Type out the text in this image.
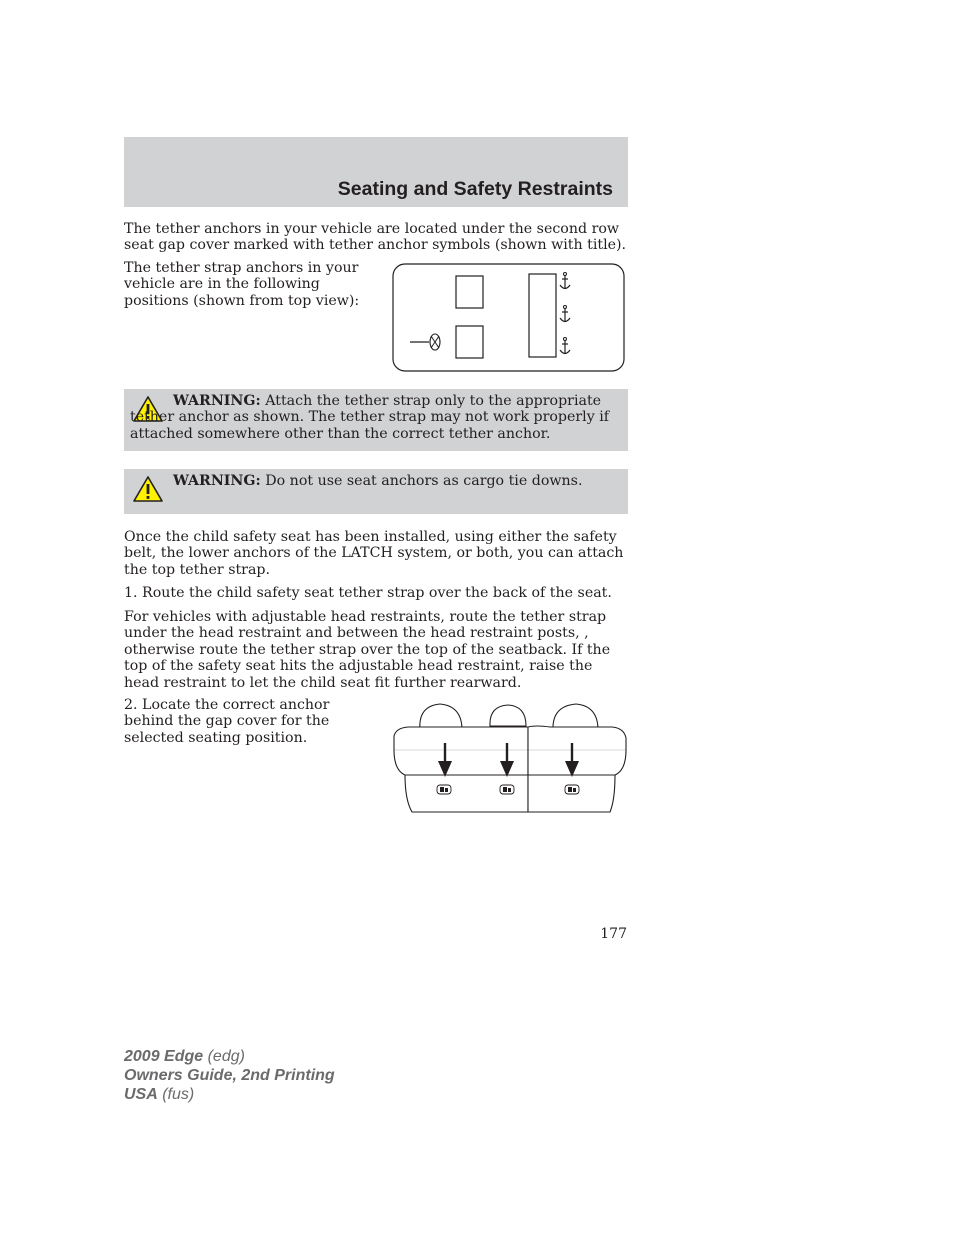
Seating and Safety Restraints

The tether anchors in your vehicle are located under the second row seat gap cover marked with tether anchor symbols (shown with title).

The tether strap anchors in your vehicle are in the following positions (shown from top view):

WARNING: Attach the tether strap only to the appropriate tether anchor as shown. The tether strap may not work properly if attached somewhere other than the correct tether anchor.

WARNING: Do not use seat anchors as cargo tie downs.

Once the child safety seat has been installed, using either the safety belt, the lower anchors of the LATCH system, or both, you can attach the top tether strap.

1. Route the child safety seat tether strap over the back of the seat.

For vehicles with adjustable head restraints, route the tether strap under the head restraint and between the head restraint posts, , otherwise route the tether strap over the top of the seatback. If the top of the safety seat hits the adjustable head restraint, raise the head restraint to let the child seat fit further rearward.

2. Locate the correct anchor behind the gap cover for the selected seating position.

177
2009 Edge (edg)
Owners Guide, 2nd Printing
USA (fus)
